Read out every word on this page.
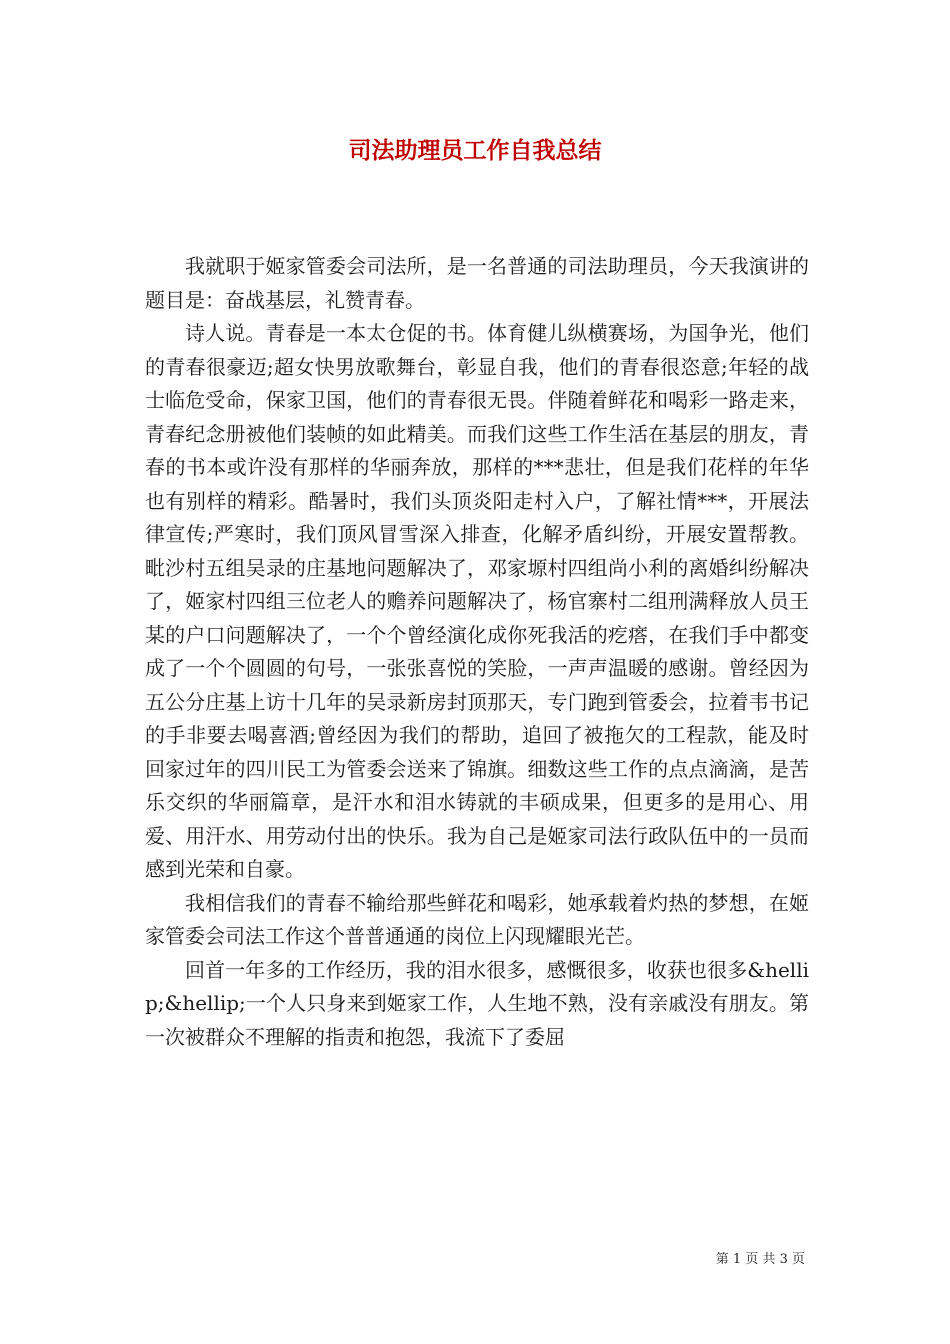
司法助理员工作自我总结

我就职于姬家管委会司法所，是一名普通的司法助理员，今天我演讲的题目是：奋战基层，礼赞青春。

诗人说。青春是一本太仓促的书。体育健儿纵横赛场，为国争光，他们的青春很豪迈;超女快男放歌舞台，彰显自我，他们的青春很恣意;年轻的战士临危受命，保家卫国，他们的青春很无畏。伴随着鲜花和喝彩一路走来，青春纪念册被他们装帧的如此精美。而我们这些工作生活在基层的朋友，青春的书本或许没有那样的华丽奔放，那样的***悲壮，但是我们花样的年华也有别样的精彩。酷暑时，我们头顶炎阳走村入户，了解社情***，开展法律宣传;严寒时，我们顶风冒雪深入排查，化解矛盾纠纷，开展安置帮教。毗沙村五组吴录的庄基地问题解决了，邓家塬村四组尚小利的离婚纠纷解决了，姬家村四组三位老人的赡养问题解决了，杨官寨村二组刑满释放人员王某的户口问题解决了，一个个曾经演化成你死我活的疙瘩，在我们手中都变成了一个个圆圆的句号，一张张喜悦的笑脸，一声声温暖的感谢。曾经因为五公分庄基上访十几年的吴录新房封顶那天，专门跑到管委会，拉着韦书记的手非要去喝喜酒;曾经因为我们的帮助，追回了被拖欠的工程款，能及时回家过年的四川民工为管委会送来了锦旗。细数这些工作的点点滴滴，是苦乐交织的华丽篇章，是汗水和泪水铸就的丰硕成果，但更多的是用心、用爱、用汗水、用劳动付出的快乐。我为自己是姬家司法行政队伍中的一员而感到光荣和自豪。

我相信我们的青春不输给那些鲜花和喝彩，她承载着灼热的梦想，在姬家管委会司法工作这个普普通通的岗位上闪现耀眼光芒。

回首一年多的工作经历，我的泪水很多，感慨很多，收获也很多&hellip;&hellip;一个人只身来到姬家工作，人生地不熟，没有亲戚没有朋友。第一次被群众不理解的指责和抱怨，我流下了委屈

第 1 页 共 3 页
